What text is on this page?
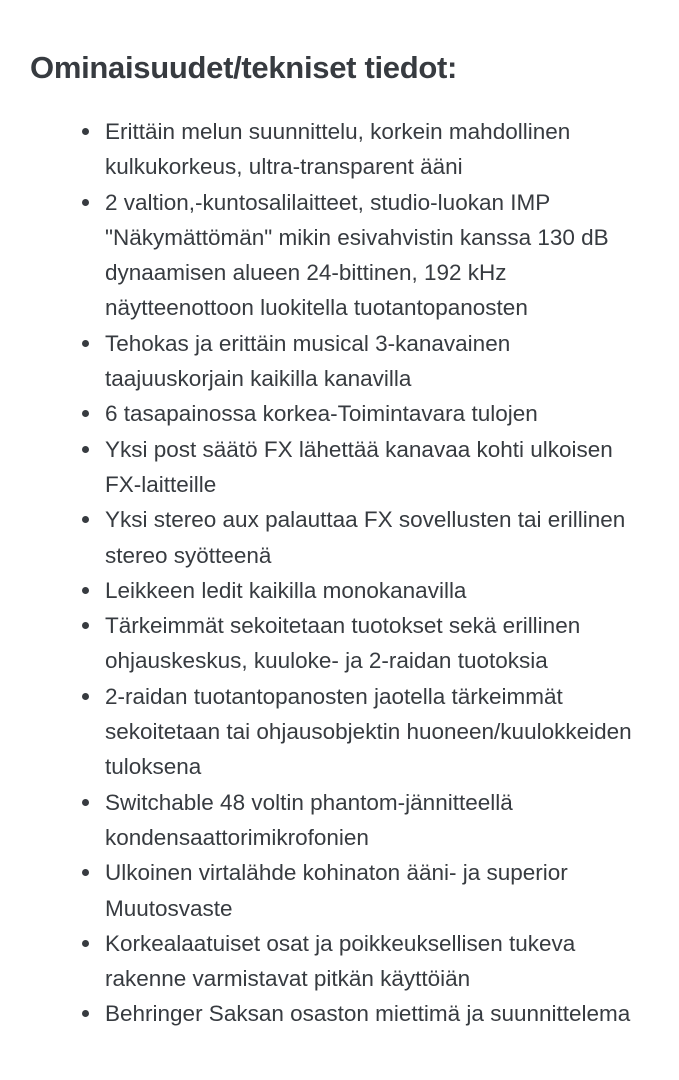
Ominaisuudet/tekniset tiedot:
Erittäin melun suunnittelu, korkein mahdollinen kulkukorkeus, ultra-transparent ääni
2 valtion,-kuntosalilaitteet, studio-luokan IMP "Näkymättömän" mikin esivahvistin kanssa 130 dB dynaamisen alueen 24-bittinen, 192 kHz näytteenottoon luokitella tuotantopanosten
Tehokas ja erittäin musical 3-kanavainen taajuuskorjain kaikilla kanavilla
6 tasapainossa korkea-Toimintavara tulojen
Yksi post säätö FX lähettää kanavaa kohti ulkoisen FX-laitteille
Yksi stereo aux palauttaa FX sovellusten tai erillinen stereo syötteenä
Leikkeen ledit kaikilla monokanavilla
Tärkeimmät sekoitetaan tuotokset sekä erillinen ohjauskeskus, kuuloke- ja 2-raidan tuotoksia
2-raidan tuotantopanosten jaotella tärkeimmät sekoitetaan tai ohjausobjektin huoneen/kuulokkeiden tuloksena
Switchable 48 voltin phantom-jännitteellä kondensaattorimikrofonien
Ulkoinen virtalähde kohinaton ääni- ja superior Muutosvaste
Korkealaatuiset osat ja poikkeuksellisen tukeva rakenne varmistavat pitkän käyttöiän
Behringer Saksan osaston miettimä ja suunnittelema
